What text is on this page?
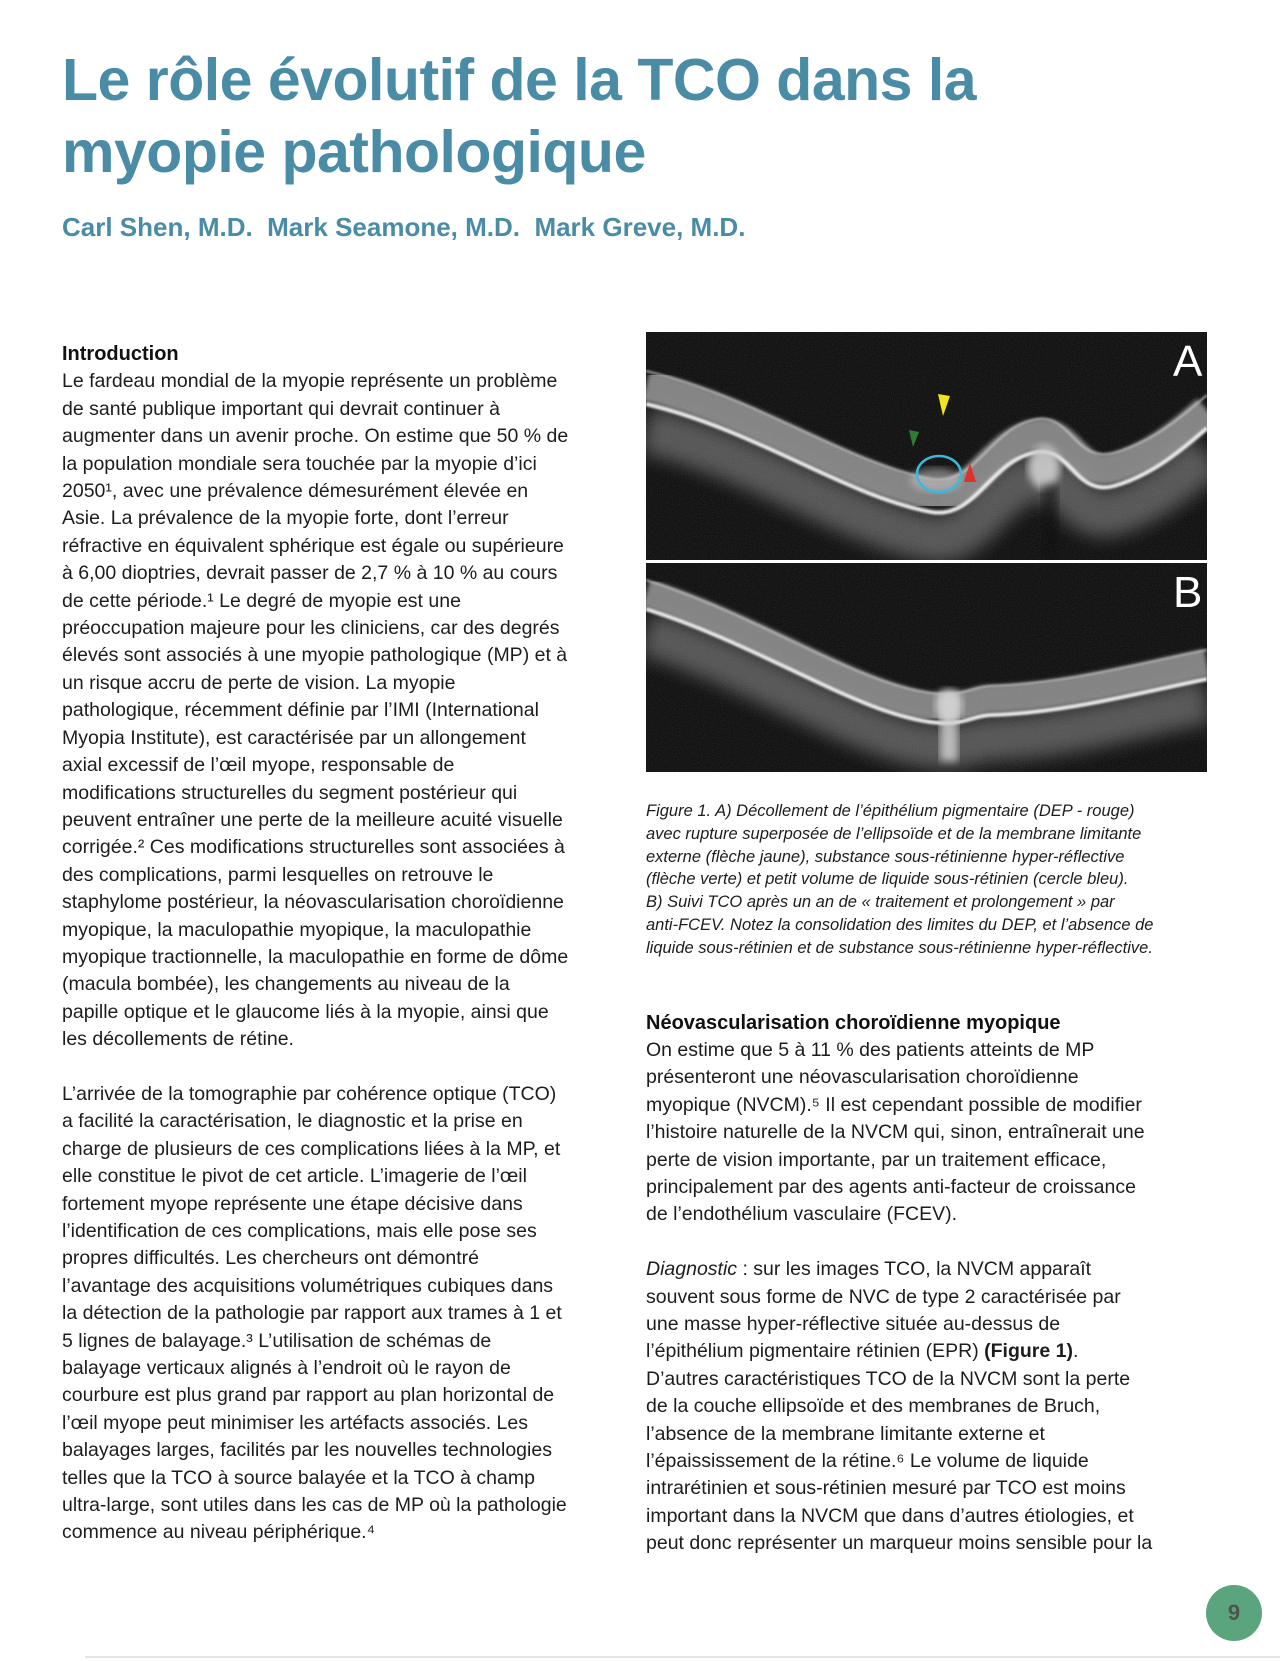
Le rôle évolutif de la TCO dans la
myopie pathologique
Carl Shen, M.D.  Mark Seamone, M.D.  Mark Greve, M.D.

Introduction

Le fardeau mondial de la myopie représente un problème
de santé publique important qui devrait continuer à
augmenter dans un avenir proche. On estime que 50 % de
la population mondiale sera touchée par la myopie d’ici
2050¹, avec une prévalence démesurément élevée en
Asie. La prévalence de la myopie forte, dont l’erreur
réfractive en équivalent sphérique est égale ou supérieure
à 6,00 dioptries, devrait passer de 2,7 % à 10 % au cours
de cette période.¹ Le degré de myopie est une
préoccupation majeure pour les cliniciens, car des degrés
élevés sont associés à une myopie pathologique (MP) et à
un risque accru de perte de vision. La myopie
pathologique, récemment définie par l’IMI (International
Myopia Institute), est caractérisée par un allongement
axial excessif de l’œil myope, responsable de
modifications structurelles du segment postérieur qui
peuvent entraîner une perte de la meilleure acuité visuelle
corrigée.² Ces modifications structurelles sont associées à
des complications, parmi lesquelles on retrouve le
staphylome postérieur, la néovascularisation choroïdienne
myopique, la maculopathie myopique, la maculopathie
myopique tractionnelle, la maculopathie en forme de dôme
(macula bombée), les changements au niveau de la
papille optique et le glaucome liés à la myopie, ainsi que
les décollements de rétine.

L’arrivée de la tomographie par cohérence optique (TCO)
a facilité la caractérisation, le diagnostic et la prise en
charge de plusieurs de ces complications liées à la MP, et
elle constitue le pivot de cet article. L’imagerie de l’œil
fortement myope représente une étape décisive dans
l’identification de ces complications, mais elle pose ses
propres difficultés. Les chercheurs ont démontré
l’avantage des acquisitions volumétriques cubiques dans
la détection de la pathologie par rapport aux trames à 1 et
5 lignes de balayage.³ L’utilisation de schémas de
balayage verticaux alignés à l’endroit où le rayon de
courbure est plus grand par rapport au plan horizontal de
l’œil myope peut minimiser les artéfacts associés. Les
balayages larges, facilités par les nouvelles technologies
telles que la TCO à source balayée et la TCO à champ
ultra-large, sont utiles dans les cas de MP où la pathologie
commence au niveau périphérique.⁴

A
B
Figure 1. A) Décollement de l’épithélium pigmentaire (DEP - rouge)
avec rupture superposée de l’ellipsoïde et de la membrane limitante
externe (flèche jaune), substance sous-rétinienne hyper-réflective
(flèche verte) et petit volume de liquide sous-rétinien (cercle bleu).
B) Suivi TCO après un an de « traitement et prolongement » par
anti-FCEV. Notez la consolidation des limites du DEP, et l’absence de
liquide sous-rétinien et de substance sous-rétinienne hyper-réflective.
Néovascularisation choroïdienne myopique

On estime que 5 à 11 % des patients atteints de MP
présenteront une néovascularisation choroïdienne
myopique (NVCM).⁵ Il est cependant possible de modifier
l’histoire naturelle de la NVCM qui, sinon, entraînerait une
perte de vision importante, par un traitement efficace,
principalement par des agents anti-facteur de croissance
de l’endothélium vasculaire (FCEV).

Diagnostic : sur les images TCO, la NVCM apparaît
souvent sous forme de NVC de type 2 caractérisée par
une masse hyper-réflective située au-dessus de
l’épithélium pigmentaire rétinien (EPR) (Figure 1).
D’autres caractéristiques TCO de la NVCM sont la perte
de la couche ellipsoïde et des membranes de Bruch,
l’absence de la membrane limitante externe et
l’épaississement de la rétine.⁶ Le volume de liquide
intrarétinien et sous-rétinien mesuré par TCO est moins
important dans la NVCM que dans d’autres étiologies, et
peut donc représenter un marqueur moins sensible pour la

9
